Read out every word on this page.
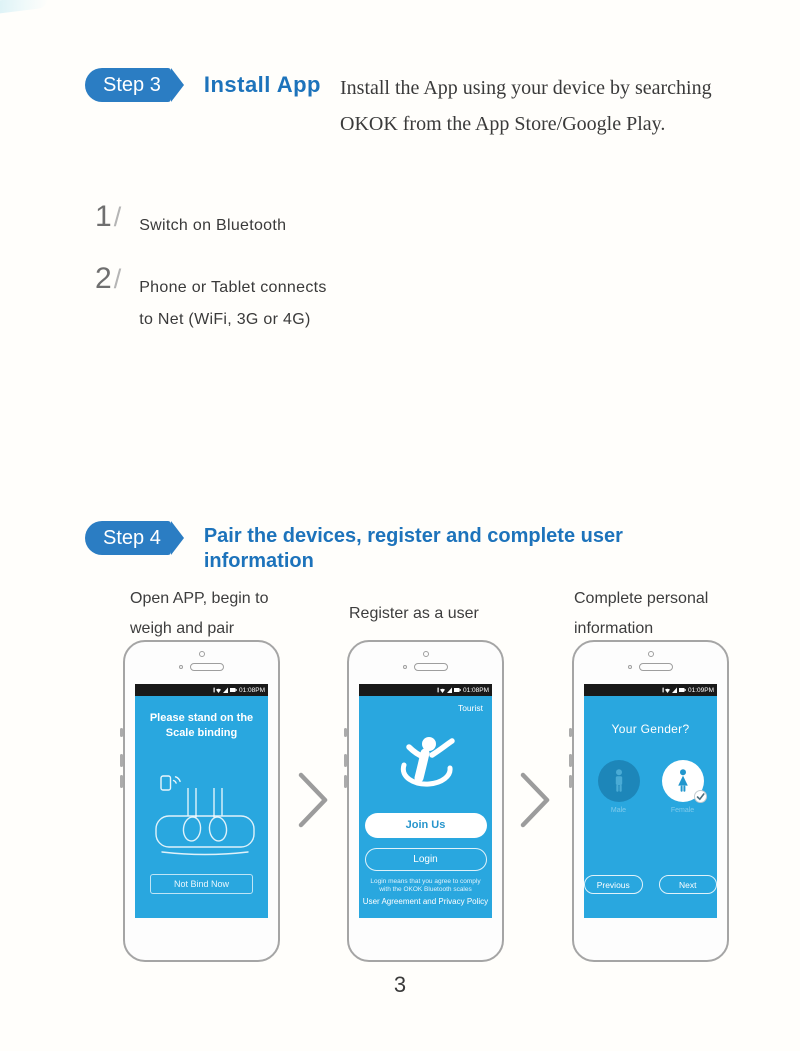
Step 3	Install App Install the App using your device by searching
OKOK from the App Store/Google Play.
1/ Switch on Bluetooth
2/ Phone or Tablet connects
to Net (WiFi, 3G or 4G)
Step 4	Pair the devices, register and complete user
information
Open APP, begin to
weigh and pair
Register as a user
Complete personal
information
01:08PM
Please stand on the
Scale binding
Not Bind Now
01:08PM
Tourist
Join Us
Login
Login means that you agree to comply
with the OKOK Bluetooth scales
User Agreement and Privacy Policy
01:09PM
Your Gender?
Male	Female
Previous	Next
3
